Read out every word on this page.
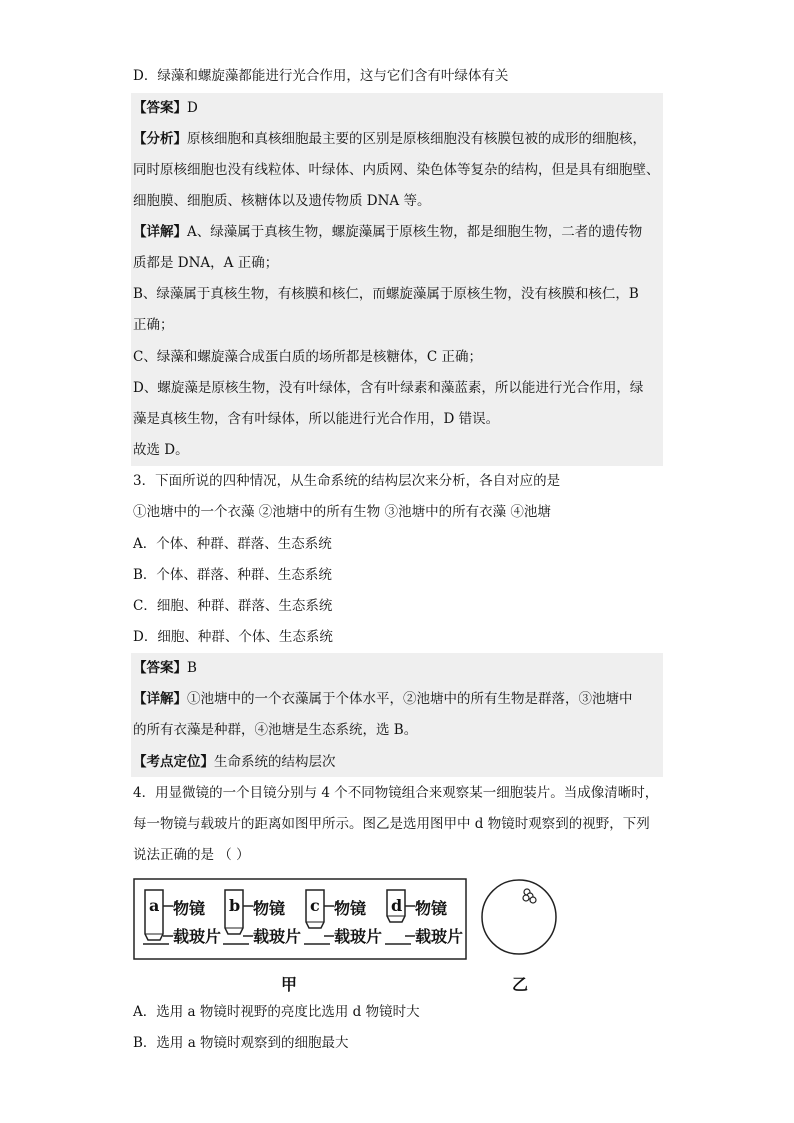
D．绿藻和螺旋藻都能进行光合作用，这与它们含有叶绿体有关
【答案】D
【分析】原核细胞和真核细胞最主要的区别是原核细胞没有核膜包被的成形的细胞核，
同时原核细胞也没有线粒体、叶绿体、内质网、染色体等复杂的结构，但是具有细胞壁、
细胞膜、细胞质、核糖体以及遗传物质 DNA 等。
【详解】A、绿藻属于真核生物，螺旋藻属于原核生物，都是细胞生物，二者的遗传物
质都是 DNA，A 正确；
B、绿藻属于真核生物，有核膜和核仁，而螺旋藻属于原核生物，没有核膜和核仁，B
正确；
C、绿藻和螺旋藻合成蛋白质的场所都是核糖体，C 正确；
D、螺旋藻是原核生物，没有叶绿体，含有叶绿素和藻蓝素，所以能进行光合作用，绿
藻是真核生物，含有叶绿体，所以能进行光合作用，D 错误。
故选 D。
3．下面所说的四种情况，从生命系统的结构层次来分析，各自对应的是
①池塘中的一个衣藻 ②池塘中的所有生物 ③池塘中的所有衣藻 ④池塘
A．个体、种群、群落、生态系统
B．个体、群落、种群、生态系统
C．细胞、种群、群落、生态系统
D．细胞、种群、个体、生态系统
【答案】B
【详解】①池塘中的一个衣藻属于个体水平，②池塘中的所有生物是群落，③池塘中
的所有衣藻是种群，④池塘是生态系统，选 B。
【考点定位】生命系统的结构层次
4．用显微镜的一个目镜分别与 4 个不同物镜组合来观察某一细胞装片。当成像清晰时，
每一物镜与载玻片的距离如图甲所示。图乙是选用图甲中 d 物镜时观察到的视野，下列
说法正确的是 （ ）
a	b	c	d
物镜	物镜	物镜	物镜
载玻片 载玻片 载玻片 载玻片
甲	乙
A．选用 a 物镜时视野的亮度比选用 d 物镜时大
B．选用 a 物镜时观察到的细胞最大
